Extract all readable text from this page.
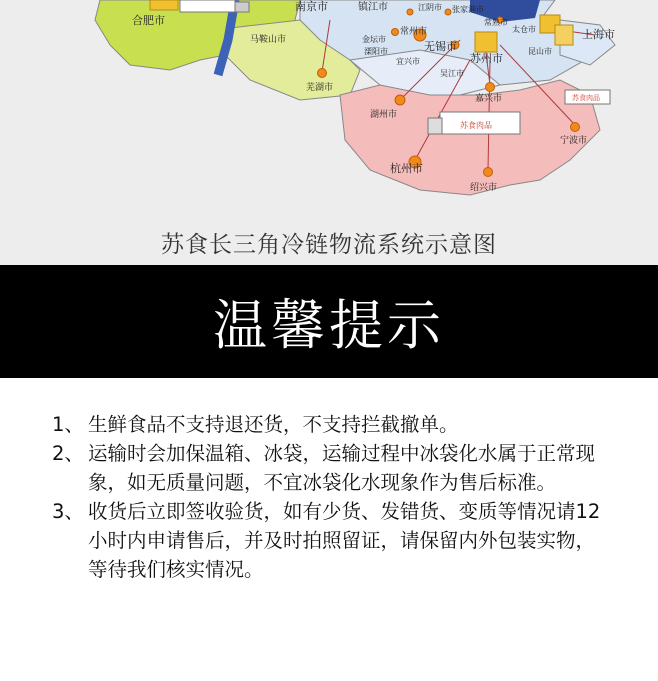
苏食肉品
苏食肉品
合肥市
马鞍山市
芜湖市
南京市	镇江市	江阴市 张家港市
常熟市
太仓市
常州市
金坛市
溧阳市
宜兴市
无锡市
苏州市
昆山市
吴江市
上海市
湖州市
嘉兴市
宁波市
杭州市
绍兴市
苏食长三角冷链物流系统示意图
温馨提示
1、 生鲜食品不支持退还货，不支持拦截撤单。
2、 运输时会加保温箱、冰袋，运输过程中冰袋化水属于正常现象，如无质量问题，不宜冰袋化水现象作为售后标准。
3、 收货后立即签收验货，如有少货、发错货、变质等情况请12小时内申请售后，并及时拍照留证，请保留内外包装实物，等待我们核实情况。
